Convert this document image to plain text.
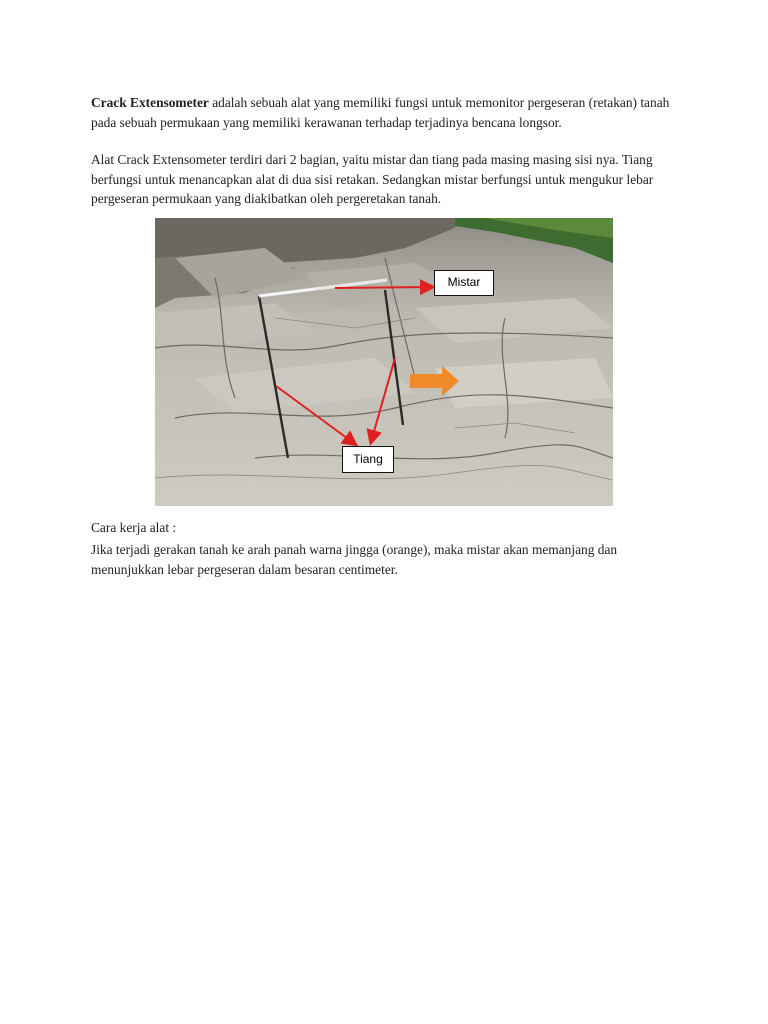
Crack Extensometer adalah sebuah alat yang memiliki fungsi untuk memonitor pergeseran (retakan) tanah pada sebuah permukaan yang memiliki kerawanan terhadap terjadinya bencana longsor.

Alat Crack Extensometer terdiri dari 2 bagian, yaitu mistar dan tiang pada masing masing sisi nya. Tiang berfungsi untuk menancapkan alat di dua sisi retakan. Sedangkan mistar berfungsi untuk mengukur lebar pergeseran permukaan yang diakibatkan oleh pergeretakan tanah.

Mistar
Tiang

Cara kerja alat :

Jika terjadi gerakan tanah ke arah panah warna jingga (orange), maka mistar akan memanjang dan menunjukkan lebar pergeseran dalam besaran centimeter.
